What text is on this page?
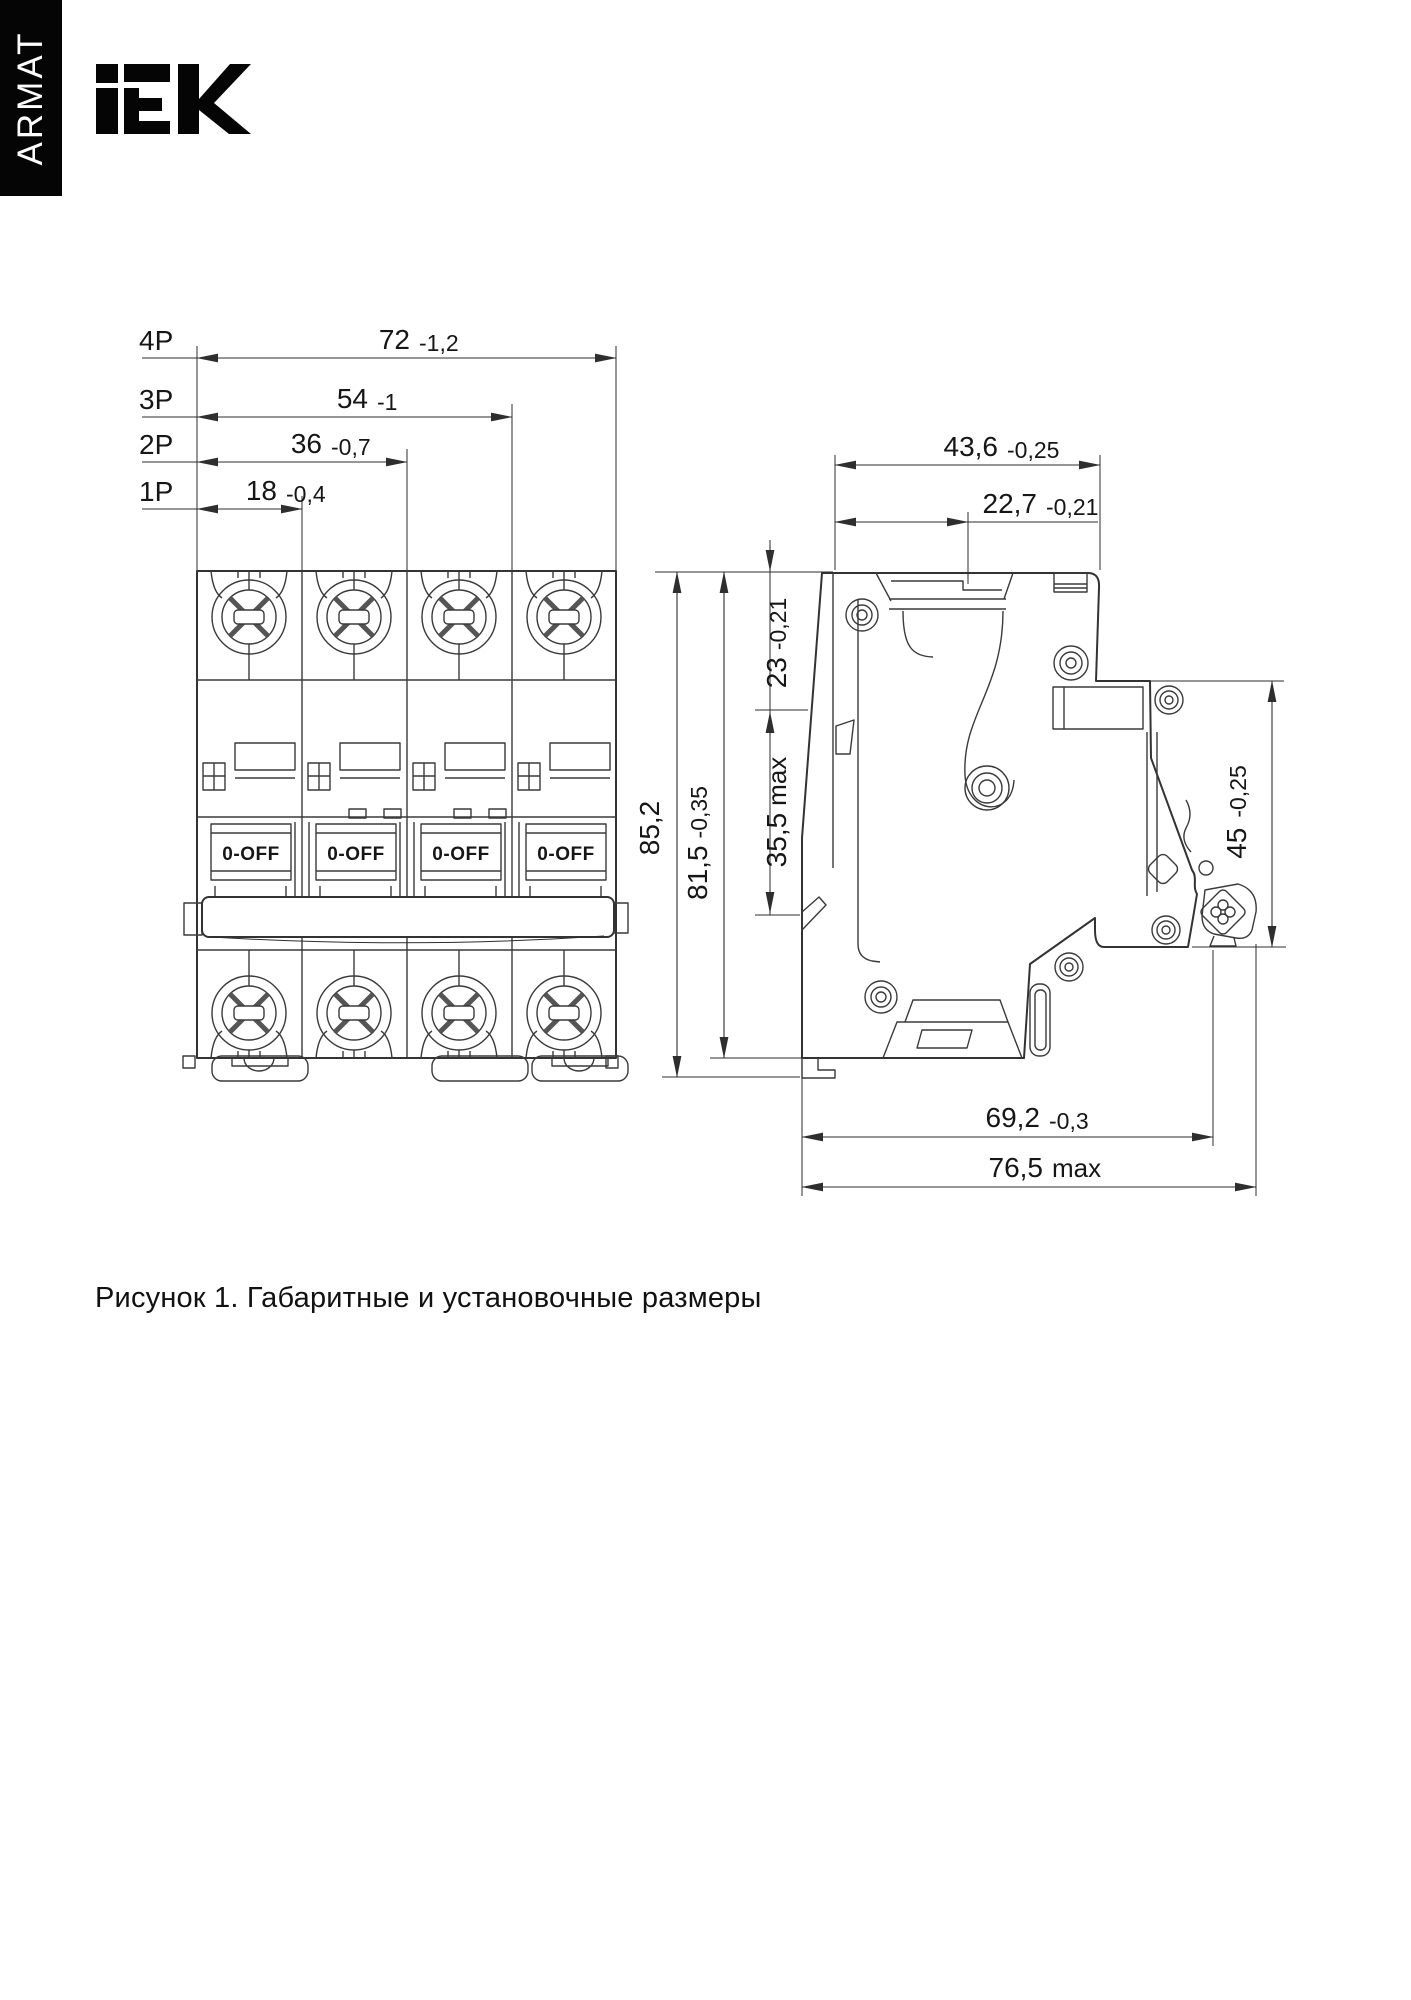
ARMAT
4P
3P
2P
1P
72 -1,2
54 -1
36 -0,7
18 -0,4
0-OFF	0-OFF	0-OFF	0-OFF
43,6 -0,25
22,7 -0,21
23-0,21
35,5max
85,2
81,5-0,35
45-0,25
69,2 -0,3
76,5 max
Рисунок 1. Габаритные и установочные размеры
